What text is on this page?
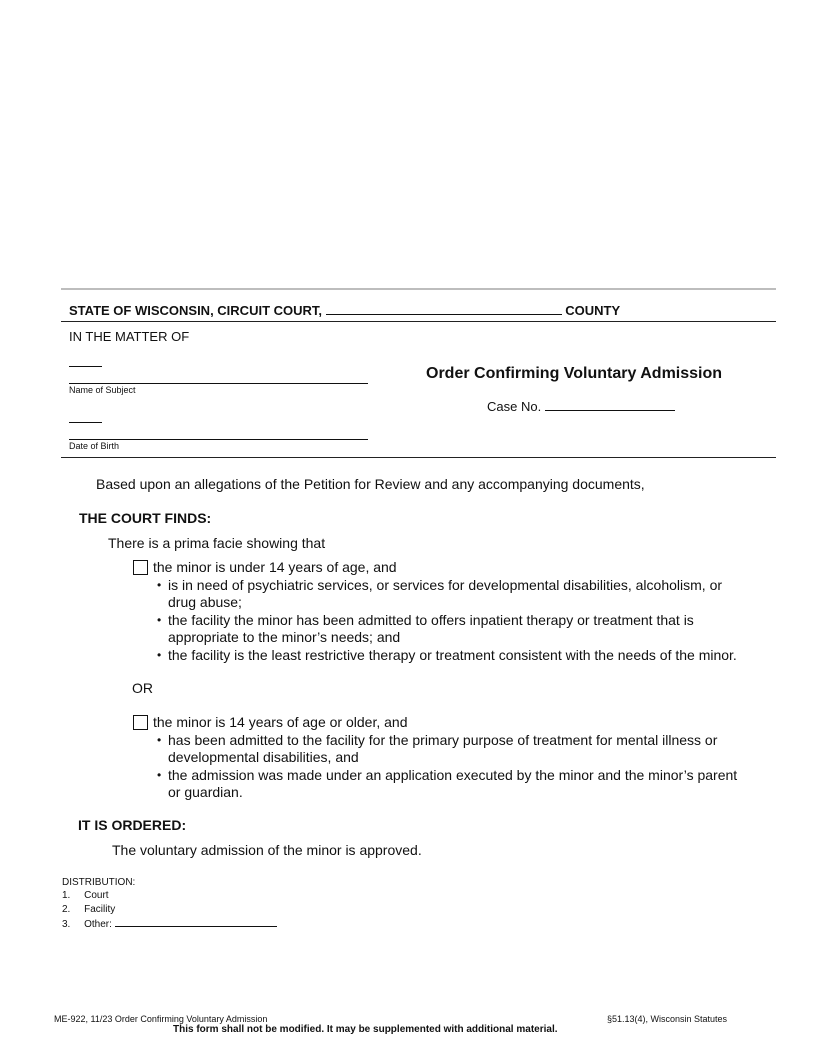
STATE OF WISCONSIN, CIRCUIT COURT,	COUNTY
IN THE MATTER OF
Name of Subject
Date of Birth
Order Confirming Voluntary Admission
Case No.
Based upon an allegations of the Petition for Review and any accompanying documents,
THE COURT FINDS:
There is a prima facie showing that
the minor is under 14 years of age, and
• is in need of psychiatric services, or services for developmental disabilities, alcoholism, or
drug abuse;
• the facility the minor has been admitted to offers inpatient therapy or treatment that is
appropriate to the minor’s needs; and
• the facility is the least restrictive therapy or treatment consistent with the needs of the minor.
OR
the minor is 14 years of age or older, and
• has been admitted to the facility for the primary purpose of treatment for mental illness or
developmental disabilities, and
• the admission was made under an application executed by the minor and the minor’s parent
or guardian.
IT IS ORDERED:
The voluntary admission of the minor is approved.
DISTRIBUTION:
1. Court
2. Facility
3. Other:
ME-922, 11/23 Order Confirming Voluntary Admission	§51.13(4), Wisconsin Statutes
This form shall not be modified. It may be supplemented with additional material.
